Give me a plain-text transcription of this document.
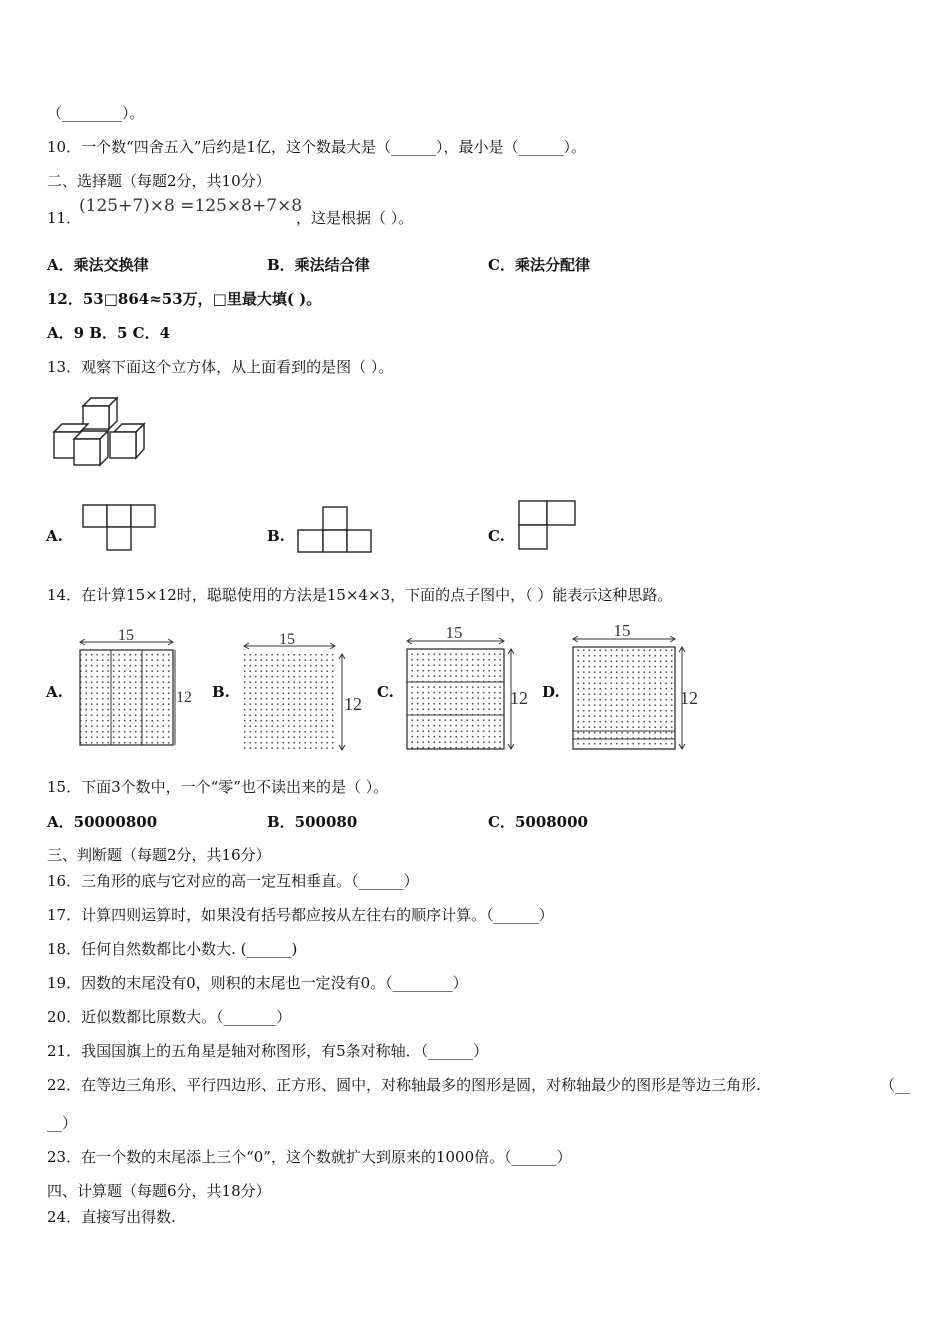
（________）。
10．一个数“四舍五入”后约是1亿，这个数最大是（______），最小是（______）。
二、选择题（每题2分，共10分）
11．
(125+7)×8 =125×8+7×8
，这是根据（ ）。
A．乘法交换律	B．乘法结合律	C．乘法分配律
12．53□864≈53万，□里最大填( )。
A．9 B．5 C．4
13．观察下面这个立方体，从上面看到的是图（ ）。
A.	B.	C.
14．在计算15×12时，聪聪使用的方法是15×4×3，下面的点子图中，（ ）能表示这种思路。
A.
15
12 B.
15
12
C.
15
12 D.
15
12
15．下面3个数中，一个“零”也不读出来的是（ ）。
A．50000800	B．500080	C．5008000
三、判断题（每题2分，共16分）
16．三角形的底与它对应的高一定互相垂直。（______）
17．计算四则运算时，如果没有括号都应按从左往右的顺序计算。（______）
18．任何自然数都比小数大. (______)
19．因数的末尾没有0，则积的末尾也一定没有0。（________）
20．近似数都比原数大。（_______）
21．我国国旗上的五角星是轴对称图形，有5条对称轴．（______）
22．在等边三角形、平行四边形、正方形、圆中，对称轴最多的图形是圆，对称轴最少的图形是等边三角形.	（__
__）
23．在一个数的末尾添上三个“0”，这个数就扩大到原来的1000倍。（______）
四、计算题（每题6分，共18分）
24．直接写出得数.
